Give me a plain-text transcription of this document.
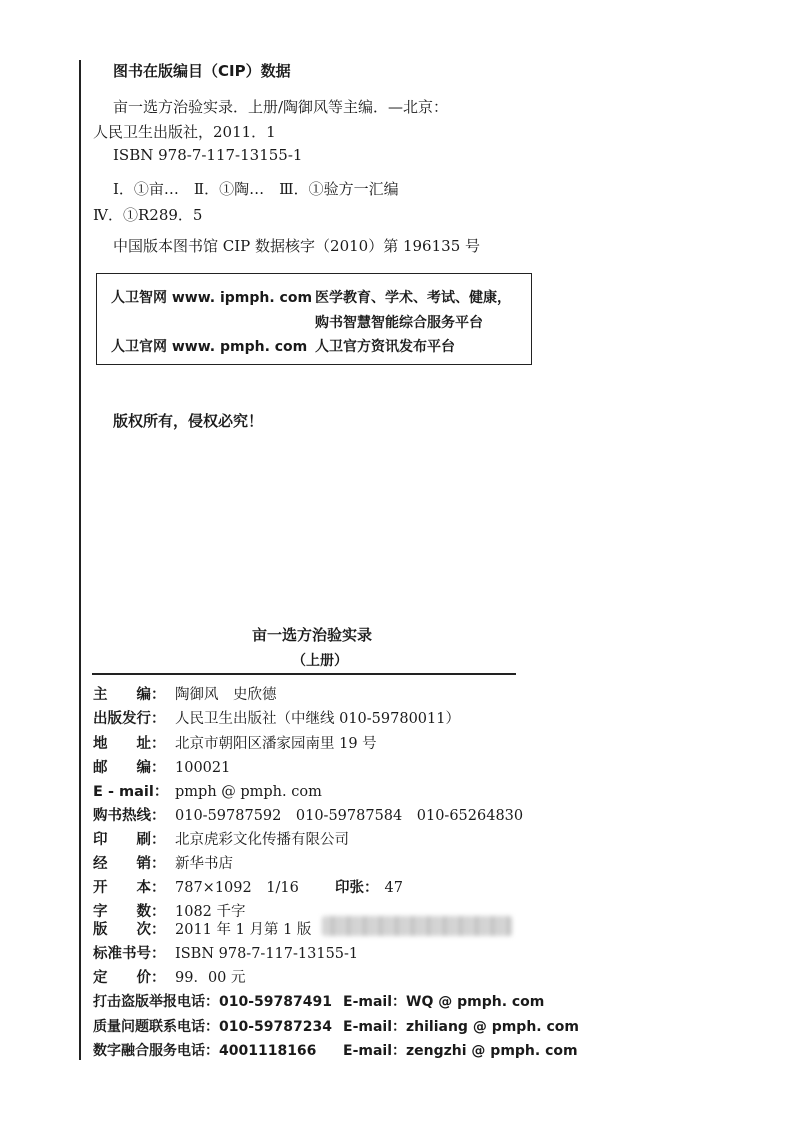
图书在版编目（CIP）数据
亩一选方治验实录．上册/陶御风等主编．—北京：
人民卫生出版社，2011．1
ISBN 978-7-117-13155-1
Ⅰ．①亩…　Ⅱ．①陶…　Ⅲ．①验方一汇编
Ⅳ．①R289．5
中国版本图书馆 CIP 数据核字（2010）第 196135 号
人卫智网 www. ipmph. com 医学教育、学术、考试、健康，
购书智慧智能综合服务平台
人卫官网 www. pmph. com 人卫官方资讯发布平台
版权所有，侵权必究！
亩一选方治验实录
（上册）
主　　编： 陶御风　史欣德
出版发行： 人民卫生出版社（中继线 010-59780011）
地　　址： 北京市朝阳区潘家园南里 19 号
邮　　编： 100021
E - mail： pmph @ pmph. com
购书热线： 010-59787592　010-59787584　010-65264830
印　　刷： 北京虎彩文化传播有限公司
经　　销： 新华书店
开　　本： 787×1092　1/16	印张： 47
字　　数： 1082 千字
版　　次： 2011 年 1 月第 1 版
标准书号： ISBN 978-7-117-13155-1
定　　价： 99．00 元
打击盗版举报电话：010-59787491 E-mail：WQ @ pmph. com
质量问题联系电话：010-59787234 E-mail：zhiliang @ pmph. com
数字融合服务电话：4001118166 E-mail：zengzhi @ pmph. com
